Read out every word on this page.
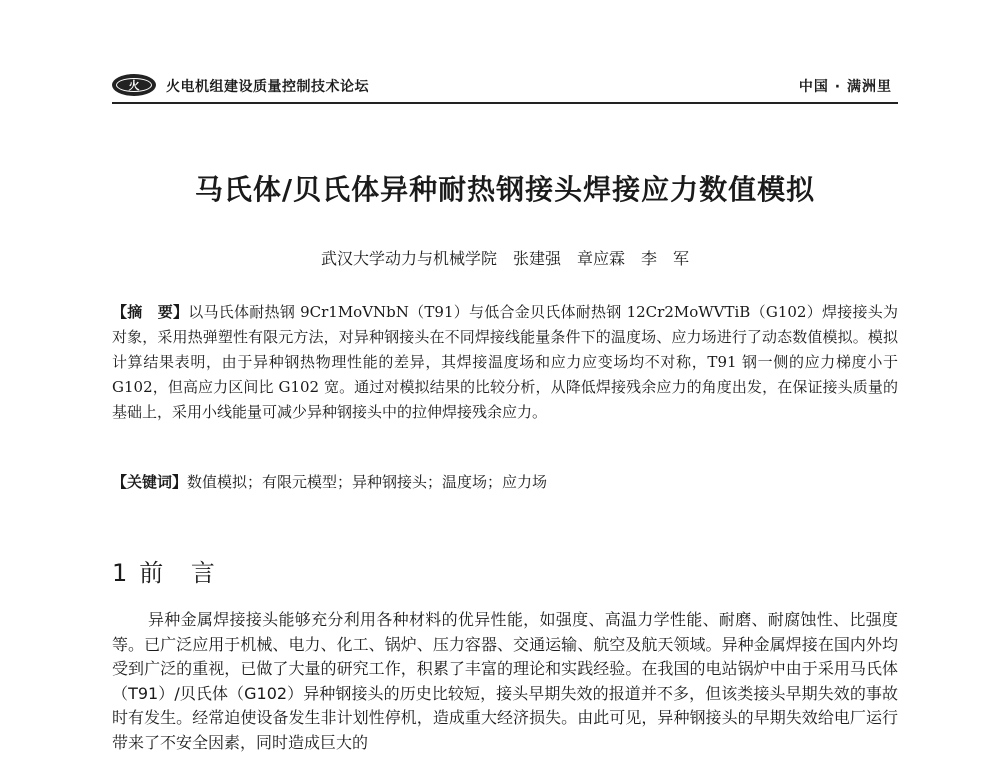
火 火电机组建设质量控制技术论坛	中国 · 满洲里
马氏体/贝氏体异种耐热钢接头焊接应力数值模拟
武汉大学动力与机械学院　张建强　章应霖　李　军
【摘　要】以马氏体耐热钢 9Cr1MoVNbN（T91）与低合金贝氏体耐热钢 12Cr2MoWVTiB（G102）焊接接头为对象，采用热弹塑性有限元方法，对异种钢接头在不同焊接线能量条件下的温度场、应力场进行了动态数值模拟。模拟计算结果表明，由于异种钢热物理性能的差异，其焊接温度场和应力应变场均不对称，T91 钢一侧的应力梯度小于 G102，但高应力区间比 G102 宽。通过对模拟结果的比较分析，从降低焊接残余应力的角度出发，在保证接头质量的基础上，采用小线能量可减少异种钢接头中的拉伸焊接残余应力。
【关键词】数值模拟；有限元模型；异种钢接头；温度场；应力场
1 前 言
异种金属焊接接头能够充分利用各种材料的优异性能，如强度、高温力学性能、耐磨、耐腐蚀性、比强度等。已广泛应用于机械、电力、化工、锅炉、压力容器、交通运输、航空及航天领域。异种金属焊接在国内外均受到广泛的重视，已做了大量的研究工作，积累了丰富的理论和实践经验。在我国的电站锅炉中由于采用马氏体（T91）/贝氏体（G102）异种钢接头的历史比较短，接头早期失效的报道并不多，但该类接头早期失效的事故时有发生。经常迫使设备发生非计划性停机，造成重大经济损失。由此可见，异种钢接头的早期失效给电厂运行带来了不安全因素，同时造成巨大的
